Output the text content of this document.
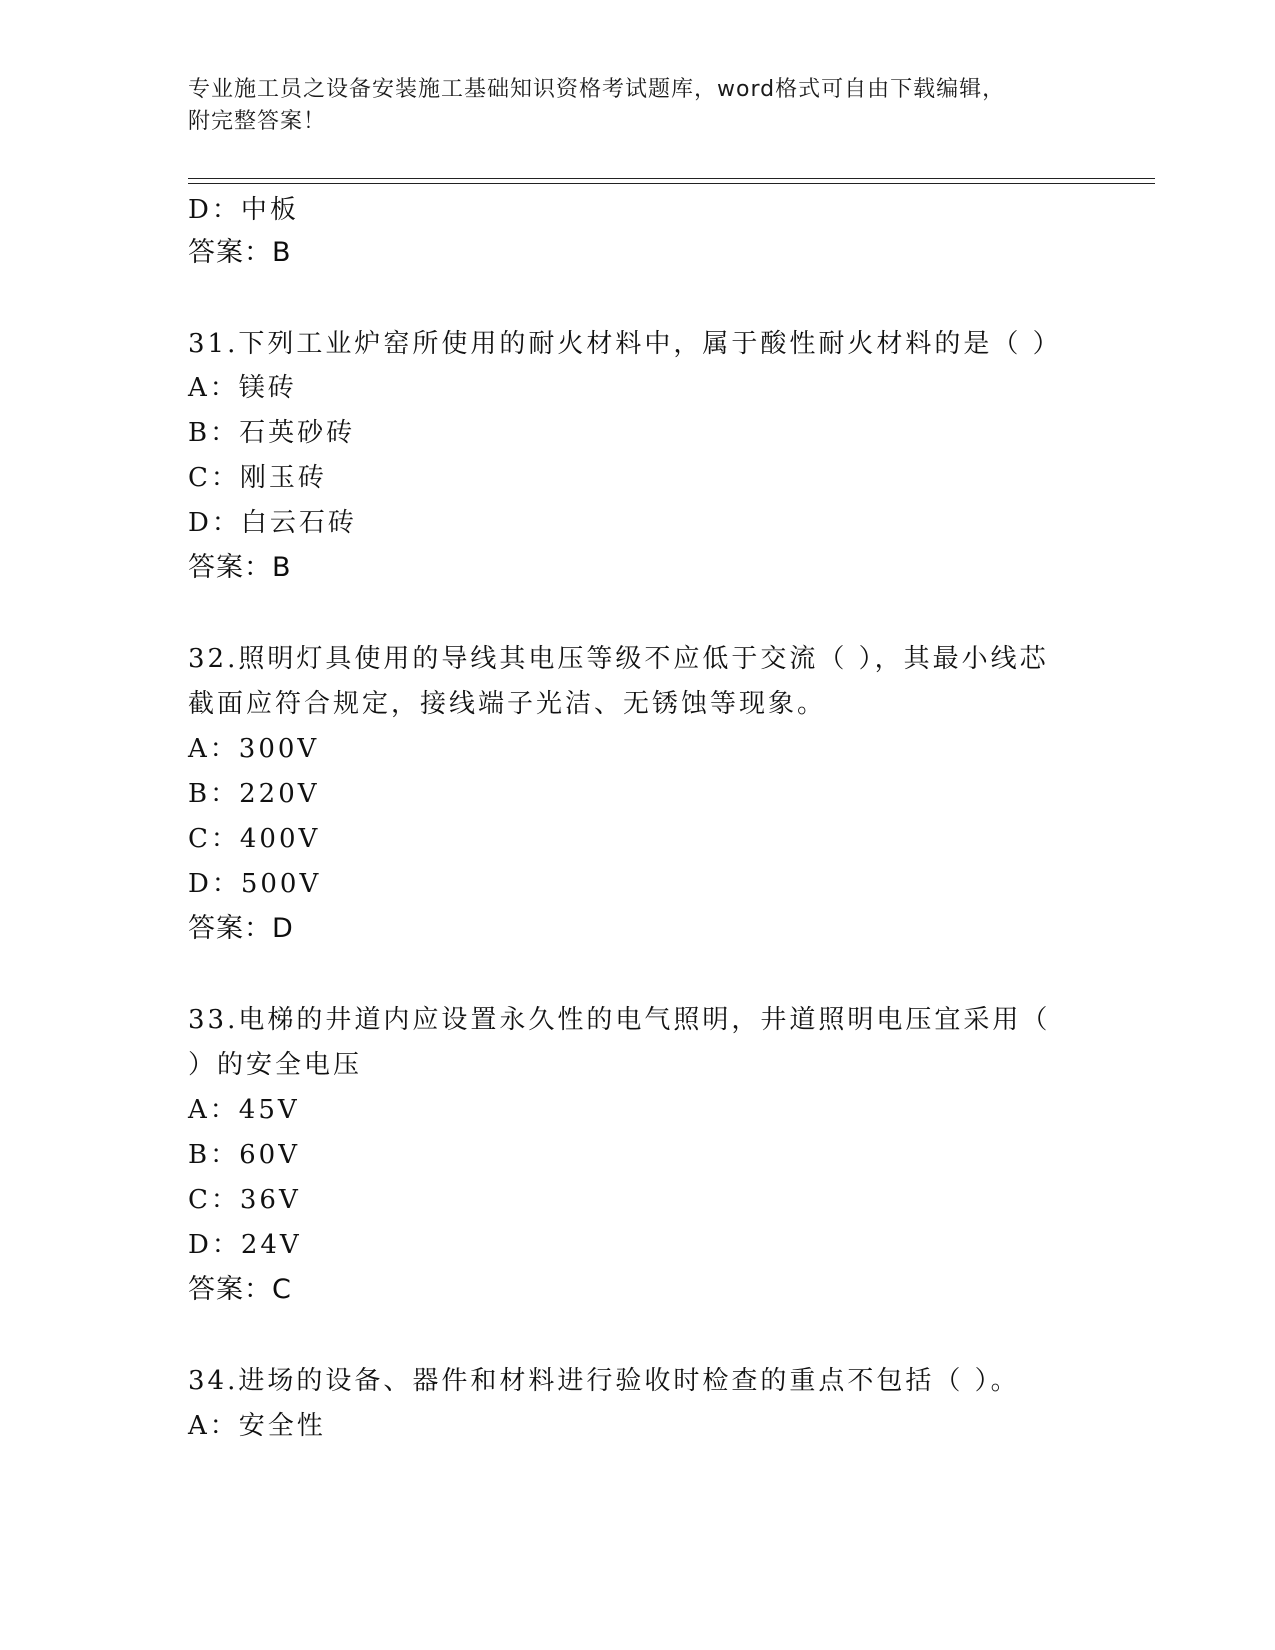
专业施工员之设备安装施工基础知识资格考试题库，word格式可自由下载编辑，
附完整答案！
D：中板
答案：B
31.下列工业炉窑所使用的耐火材料中，属于酸性耐火材料的是（ ）
A：镁砖
B：石英砂砖
C：刚玉砖
D：白云石砖
答案：B
32.照明灯具使用的导线其电压等级不应低于交流（ ），其最小线芯
截面应符合规定，接线端子光洁、无锈蚀等现象。
A：300V
B：220V
C：400V
D：500V
答案：D
33.电梯的井道内应设置永久性的电气照明，井道照明电压宜采用（
）的安全电压
A：45V
B：60V
C：36V
D：24V
答案：C
34.进场的设备、器件和材料进行验收时检查的重点不包括（ ）。
A：安全性
